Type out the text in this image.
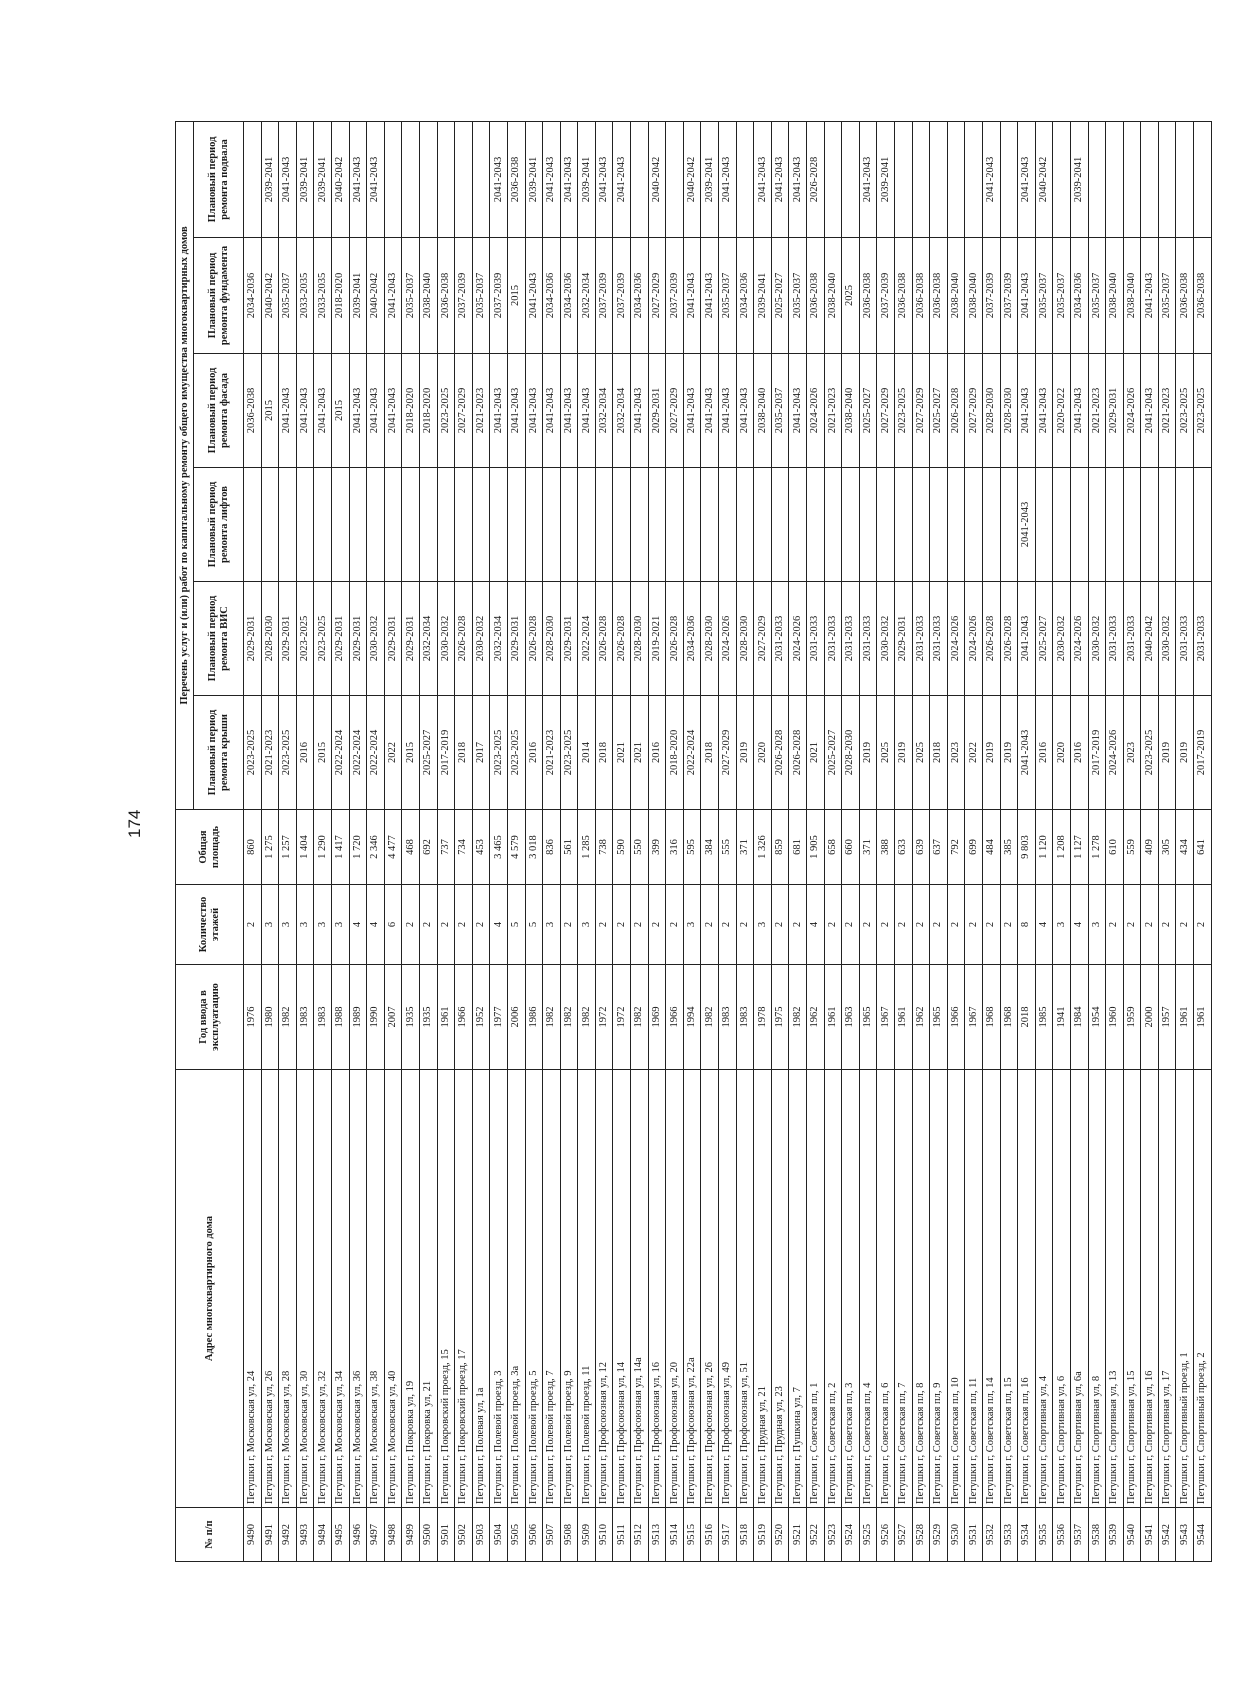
174
№ п/п	Адрес многоквартирного дома	Год ввода в эксплуатацию	Количество этажей	Общая площадь	Перечень услуг и (или) работ по капитальному ремонту общего имущества многоквартирных домов					
					Плановый период ремонта крыши	Плановый период ремонта ВИС	Плановый период ремонта лифтов	Плановый период ремонта фасада	Плановый период ремонта фундамента	Плановый период ремонта подвала
9490	Петушки г, Московская ул, 24	1976	2	860	2023-2025	2029-2031		2036-2038	2034-2036	
9491	Петушки г, Московская ул, 26	1980	3	1 275	2021-2023	2028-2030		2015	2040-2042	2039-2041
9492	Петушки г, Московская ул, 28	1982	3	1 257	2023-2025	2029-2031		2041-2043	2035-2037	2041-2043
9493	Петушки г, Московская ул, 30	1983	3	1 404	2016	2023-2025		2041-2043	2033-2035	2039-2041
9494	Петушки г, Московская ул, 32	1983	3	1 290	2015	2023-2025		2041-2043	2033-2035	2039-2041
9495	Петушки г, Московская ул, 34	1988	3	1 417	2022-2024	2029-2031		2015	2018-2020	2040-2042
9496	Петушки г, Московская ул, 36	1989	4	1 720	2022-2024	2029-2031		2041-2043	2039-2041	2041-2043
9497	Петушки г, Московская ул, 38	1990	4	2 346	2022-2024	2030-2032		2041-2043	2040-2042	2041-2043
9498	Петушки г, Московская ул, 40	2007	6	4 477	2022	2029-2031		2041-2043	2041-2043	
9499	Петушки г, Покровка ул, 19	1935	2	468	2015	2029-2031		2018-2020	2035-2037	
9500	Петушки г, Покровка ул, 21	1935	2	692	2025-2027	2032-2034		2018-2020	2038-2040	
9501	Петушки г, Покровский проезд, 15	1961	2	737	2017-2019	2030-2032		2023-2025	2036-2038	
9502	Петушки г, Покровский проезд, 17	1966	2	734	2018	2026-2028		2027-2029	2037-2039	
9503	Петушки г, Полевая ул, 1а	1952	2	453	2017	2030-2032		2021-2023	2035-2037	
9504	Петушки г, Полевой проезд, 3	1977	4	3 465	2023-2025	2032-2034		2041-2043	2037-2039	2041-2043
9505	Петушки г, Полевой проезд, 3а	2006	5	4 579	2023-2025	2029-2031		2041-2043	2015	2036-2038
9506	Петушки г, Полевой проезд, 5	1986	5	3 018	2016	2026-2028		2041-2043	2041-2043	2039-2041
9507	Петушки г, Полевой проезд, 7	1982	3	836	2021-2023	2028-2030		2041-2043	2034-2036	2041-2043
9508	Петушки г, Полевой проезд, 9	1982	2	561	2023-2025	2029-2031		2041-2043	2034-2036	2041-2043
9509	Петушки г, Полевой проезд, 11	1982	3	1 285	2014	2022-2024		2041-2043	2032-2034	2039-2041
9510	Петушки г, Профсоюзная ул, 12	1972	2	738	2018	2026-2028		2032-2034	2037-2039	2041-2043
9511	Петушки г, Профсоюзная ул, 14	1972	2	590	2021	2026-2028		2032-2034	2037-2039	2041-2043
9512	Петушки г, Профсоюзная ул, 14а	1982	2	550	2021	2028-2030		2041-2043	2034-2036	
9513	Петушки г, Профсоюзная ул, 16	1969	2	399	2016	2019-2021		2029-2031	2027-2029	2040-2042
9514	Петушки г, Профсоюзная ул, 20	1966	2	316	2018-2020	2026-2028		2027-2029	2037-2039	
9515	Петушки г, Профсоюзная ул, 22а	1994	3	595	2022-2024	2034-2036		2041-2043	2041-2043	2040-2042
9516	Петушки г, Профсоюзная ул, 26	1982	2	384	2018	2028-2030		2041-2043	2041-2043	2039-2041
9517	Петушки г, Профсоюзная ул, 49	1983	2	555	2027-2029	2024-2026		2041-2043	2035-2037	2041-2043
9518	Петушки г, Профсоюзная ул, 51	1983	2	371	2019	2028-2030		2041-2043	2034-2036	
9519	Петушки г, Прудная ул, 21	1978	3	1 326	2020	2027-2029		2038-2040	2039-2041	2041-2043
9520	Петушки г, Прудная ул, 23	1975	2	859	2026-2028	2031-2033		2035-2037	2025-2027	2041-2043
9521	Петушки г, Пушкина ул, 7	1982	2	681	2026-2028	2024-2026		2041-2043	2035-2037	2041-2043
9522	Петушки г, Советская пл, 1	1962	4	1 905	2021	2031-2033		2024-2026	2036-2038	2026-2028
9523	Петушки г, Советская пл, 2	1961	2	658	2025-2027	2031-2033		2021-2023	2038-2040	
9524	Петушки г, Советская пл, 3	1963	2	660	2028-2030	2031-2033		2038-2040	2025	
9525	Петушки г, Советская пл, 4	1965	2	371	2019	2031-2033		2025-2027	2036-2038	2041-2043
9526	Петушки г, Советская пл, 6	1967	2	388	2025	2030-2032		2027-2029	2037-2039	2039-2041
9527	Петушки г, Советская пл, 7	1961	2	633	2019	2029-2031		2023-2025	2036-2038	
9528	Петушки г, Советская пл, 8	1962	2	639	2025	2031-2033		2027-2029	2036-2038	
9529	Петушки г, Советская пл, 9	1965	2	637	2018	2031-2033		2025-2027	2036-2038	
9530	Петушки г, Советская пл, 10	1966	2	792	2023	2024-2026		2026-2028	2038-2040	
9531	Петушки г, Советская пл, 11	1967	2	699	2022	2024-2026		2027-2029	2038-2040	
9532	Петушки г, Советская пл, 14	1968	2	484	2019	2026-2028		2028-2030	2037-2039	2041-2043
9533	Петушки г, Советская пл, 15	1968	2	385	2019	2026-2028		2028-2030	2037-2039	
9534	Петушки г, Советская пл, 16	2018	8	9 803	2041-2043	2041-2043	2041-2043	2041-2043	2041-2043	2041-2043
9535	Петушки г, Спортивная ул, 4	1985	4	1 120	2016	2025-2027		2041-2043	2035-2037	2040-2042
9536	Петушки г, Спортивная ул, 6	1941	3	1 208	2020	2030-2032		2020-2022	2035-2037	
9537	Петушки г, Спортивная ул, 6а	1984	4	1 127	2016	2024-2026		2041-2043	2034-2036	2039-2041
9538	Петушки г, Спортивная ул, 8	1954	3	1 278	2017-2019	2030-2032		2021-2023	2035-2037	
9539	Петушки г, Спортивная ул, 13	1960	2	610	2024-2026	2031-2033		2029-2031	2038-2040	
9540	Петушки г, Спортивная ул, 15	1959	2	559	2023	2031-2033		2024-2026	2038-2040	
9541	Петушки г, Спортивная ул, 16	2000	2	409	2023-2025	2040-2042		2041-2043	2041-2043	
9542	Петушки г, Спортивная ул, 17	1957	2	305	2019	2030-2032		2021-2023	2035-2037	
9543	Петушки г, Спортивный проезд, 1	1961	2	434	2019	2031-2033		2023-2025	2036-2038	
9544	Петушки г, Спортивный проезд, 2	1961	2	641	2017-2019	2031-2033		2023-2025	2036-2038	
